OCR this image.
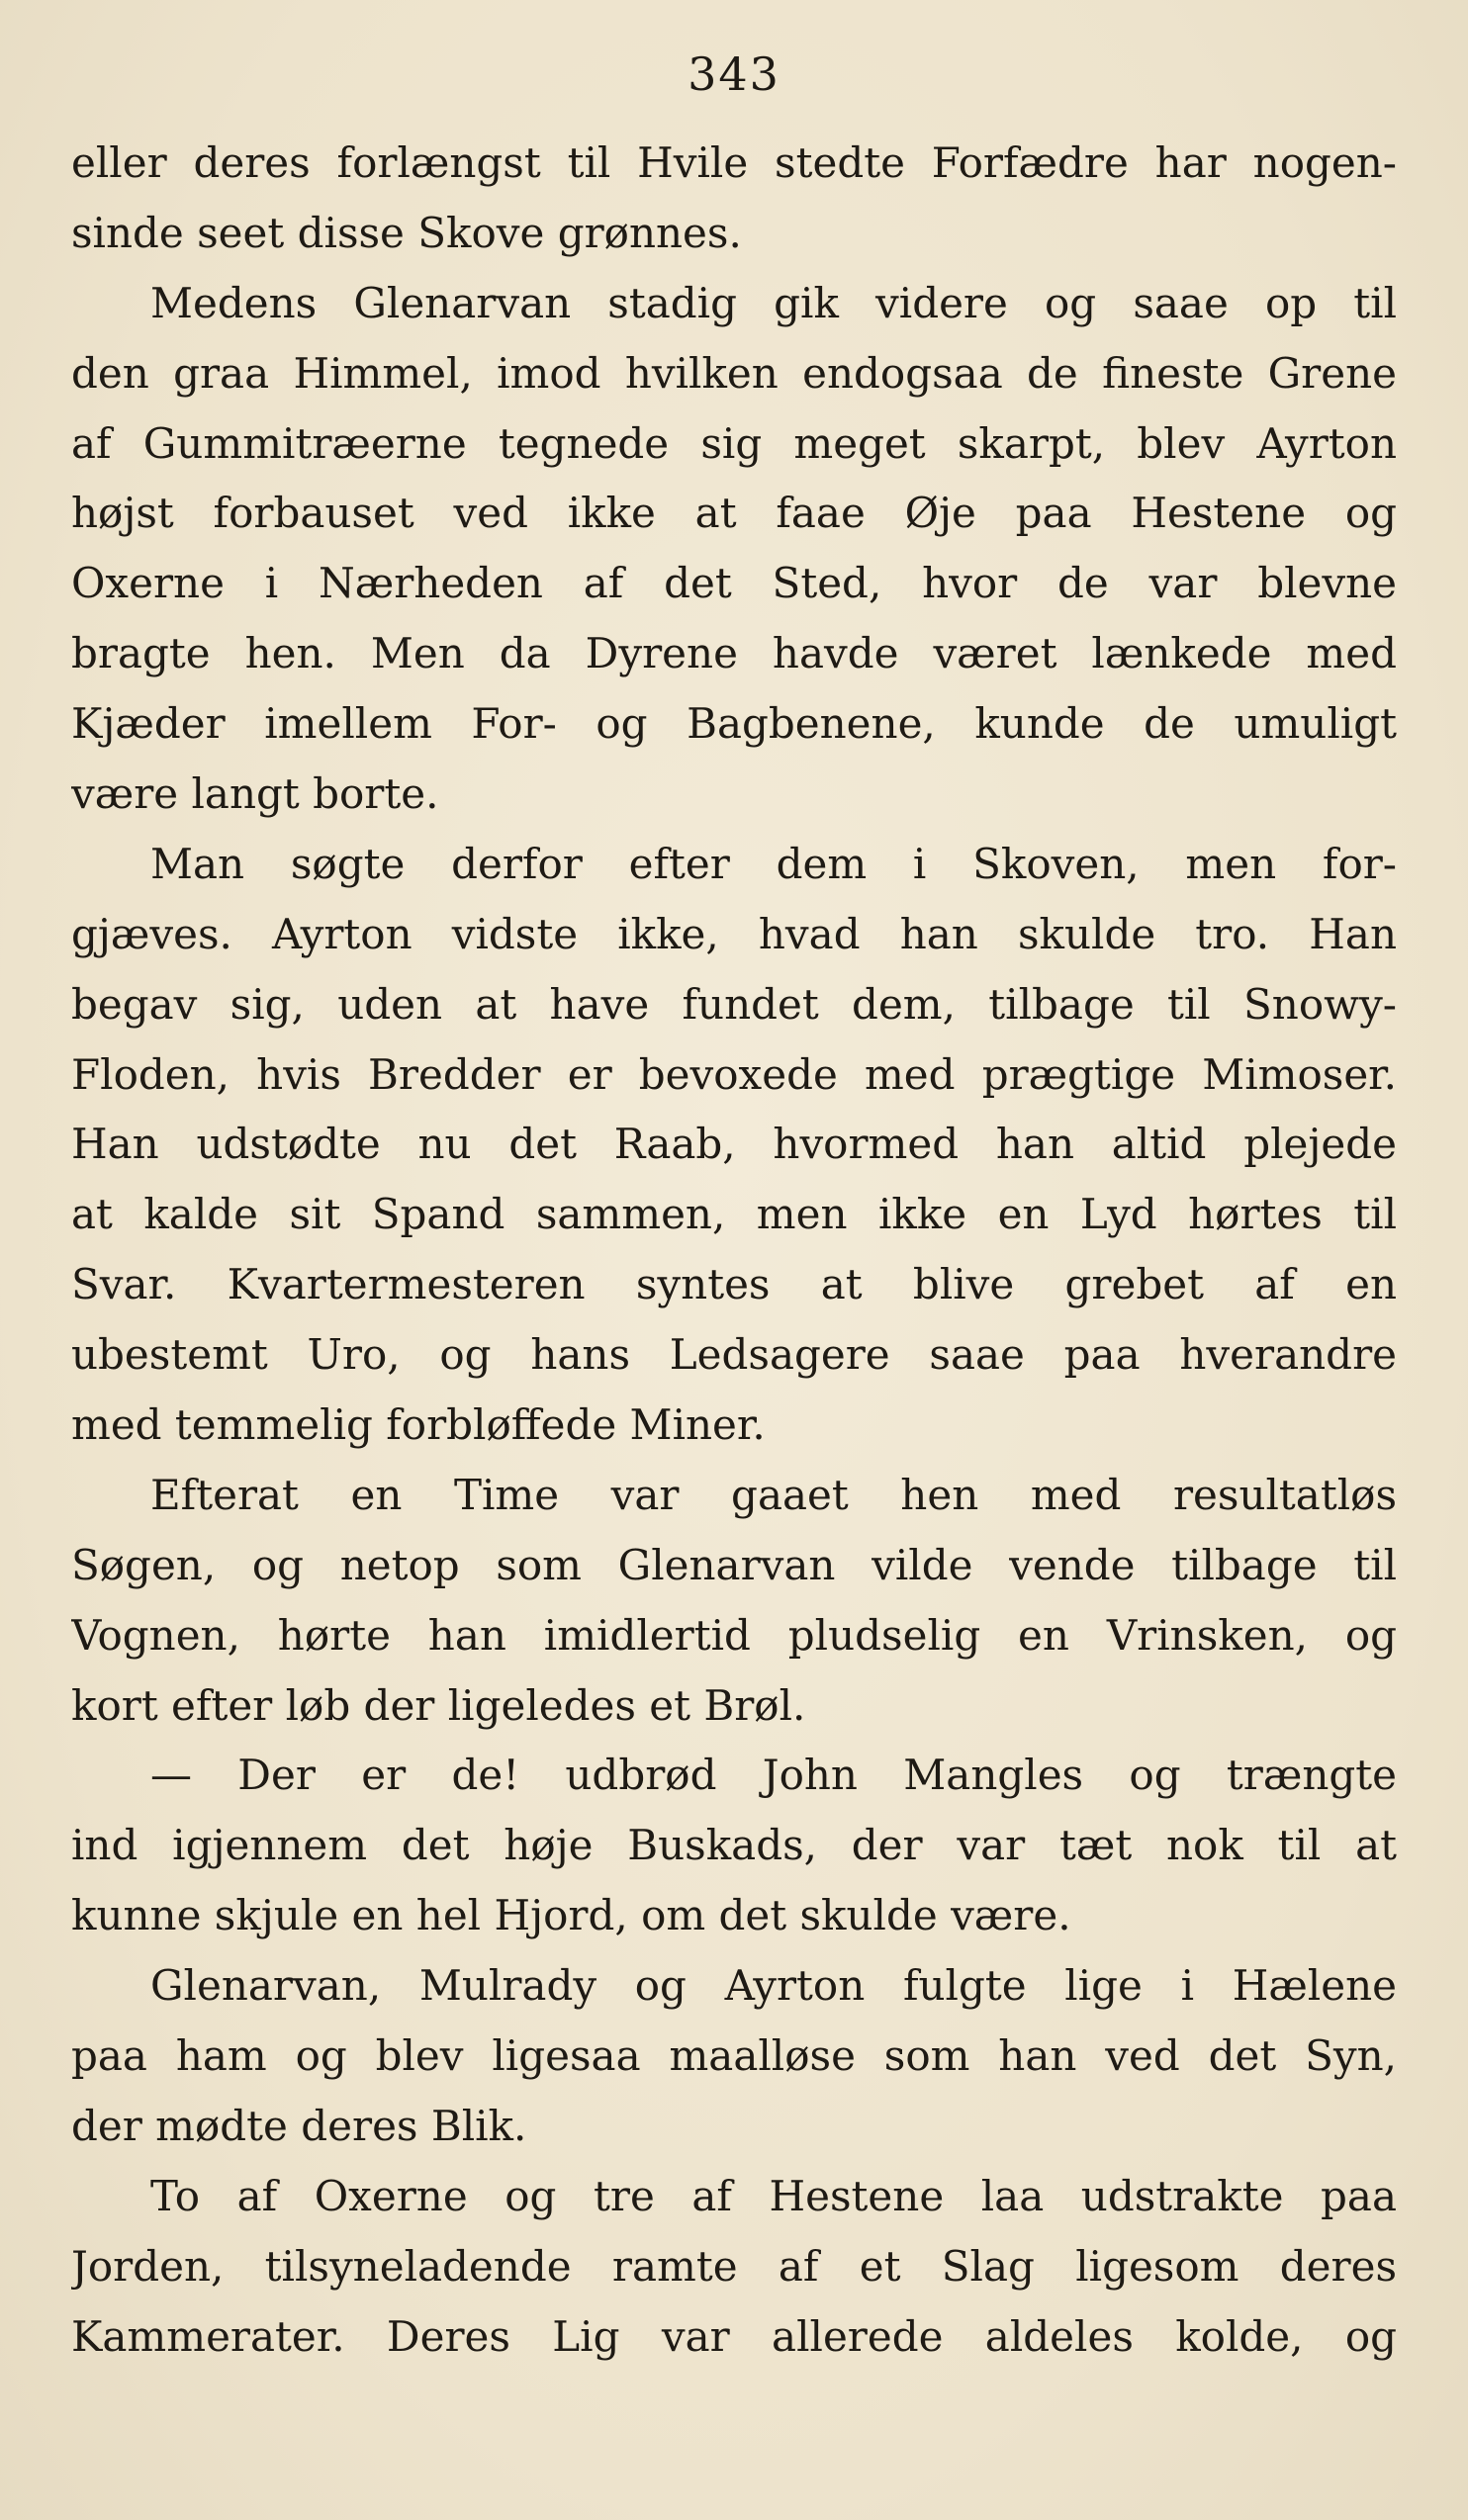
343
eller deres forlængst til Hvile stedte Forfædre har nogen-
sinde seet disse Skove grønnes.
Medens Glenarvan stadig gik videre og saae op til
den graa Himmel, imod hvilken endogsaa de fineste Grene
af Gummitræerne tegnede sig meget skarpt, blev Ayrton
højst forbauset ved ikke at faae Øje paa Hestene og
Oxerne i Nærheden af det Sted, hvor de var blevne
bragte hen. Men da Dyrene havde været lænkede med
Kjæder imellem For- og Bagbenene, kunde de umuligt
være langt borte.
Man søgte derfor efter dem i Skoven, men for-
gjæves. Ayrton vidste ikke, hvad han skulde tro. Han
begav sig, uden at have fundet dem, tilbage til Snowy-
Floden, hvis Bredder er bevoxede med prægtige Mimoser.
Han udstødte nu det Raab, hvormed han altid plejede
at kalde sit Spand sammen, men ikke en Lyd hørtes til
Svar. Kvartermesteren syntes at blive grebet af en
ubestemt Uro, og hans Ledsagere saae paa hverandre
med temmelig forbløffede Miner.
Efterat en Time var gaaet hen med resultatløs
Søgen, og netop som Glenarvan vilde vende tilbage til
Vognen, hørte han imidlertid pludselig en Vrinsken, og
kort efter løb der ligeledes et Brøl.
— Der er de! udbrød John Mangles og trængte
ind igjennem det høje Buskads, der var tæt nok til at
kunne skjule en hel Hjord, om det skulde være.
Glenarvan, Mulrady og Ayrton fulgte lige i Hælene
paa ham og blev ligesaa maalløse som han ved det Syn,
der mødte deres Blik.
To af Oxerne og tre af Hestene laa udstrakte paa
Jorden, tilsyneladende ramte af et Slag ligesom deres
Kammerater. Deres Lig var allerede aldeles kolde, og
